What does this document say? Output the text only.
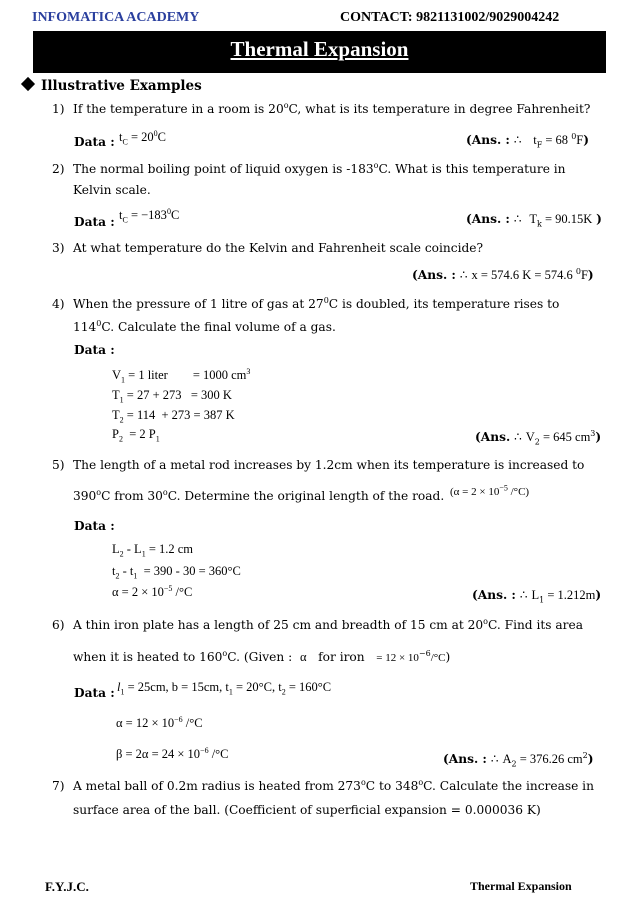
INFOMATICA ACADEMY	CONTACT: 9821131002/9029004242
Thermal Expansion
Illustrative Examples
1) If the temperature in a room is 20$^o$C, what is its temperature in degree Fahrenheit?
Data : $t_C = 20^0C$	(Ans. : ∴ $t_F = 68$ $^0$F)
2) The normal boiling point of liquid oxygen is -183$^o$C. What is this temperature in
Kelvin scale.
Data : $t_C = -183^0C$	(Ans. : ∴ $T_k = 90.15K$ )
3) At what temperature do the Kelvin and Fahrenheit scale coincide?
(Ans. : ∴ x = 574.6 K = 574.6 $^0$F)
4) When the pressure of 1 litre of gas at $27^0C$ is doubled, its temperature rises to
$114^0C$. Calculate the final volume of a gas.
Data :
$V_1 = 1$ liter        = 1000 $cm^3$
$T_1 = 27 + 273 = 300$ K
$T_2 = 114 + 273 = 387$ K
$P_2 = 2$ $P_1$	(Ans. ∴ $V_2 = 645$ $cm^3$)
5) The length of a metal rod increases by 1.2cm when its temperature is increased to
390$^o$C from 30$^o$C. Determine the original length of the road. ($\alpha = 2 \times 10^{-5}$ /°C)
Data :
$L_2 - L_1 = 1.2$ cm
$t_2 - t_1 = 390 - 30 = 360^\circ C$
$\alpha = 2 \times 10^{-5}$ /°C	(Ans. : ∴ $L_1 = 1.212m$)
6) A thin iron plate has a length of 25 cm and breadth of 15 cm at 20$^o$C. Find its area
when it is heated to 160$^o$C. (Given : α   for iron = $12 \times 10^{-6}/^\circ C$)
Data : $l_1 = 25cm$, b = 15cm, $t_1 = 20^\circ C$, $t_2 = 160^\circ C$
$\alpha = 12 \times 10^{-6}$ /°C
$\beta = 2\alpha = 24 \times 10^{-6}$ /°C	(Ans. : ∴ $A_2 = 376.26$ $cm^2$)
7) A metal ball of 0.2m radius is heated from 273$^o$C to 348$^o$C. Calculate the increase in
surface area of the ball. (Coefficient of superficial expansion = 0.000036 K)
F.Y.J.C.	Thermal Expansion
